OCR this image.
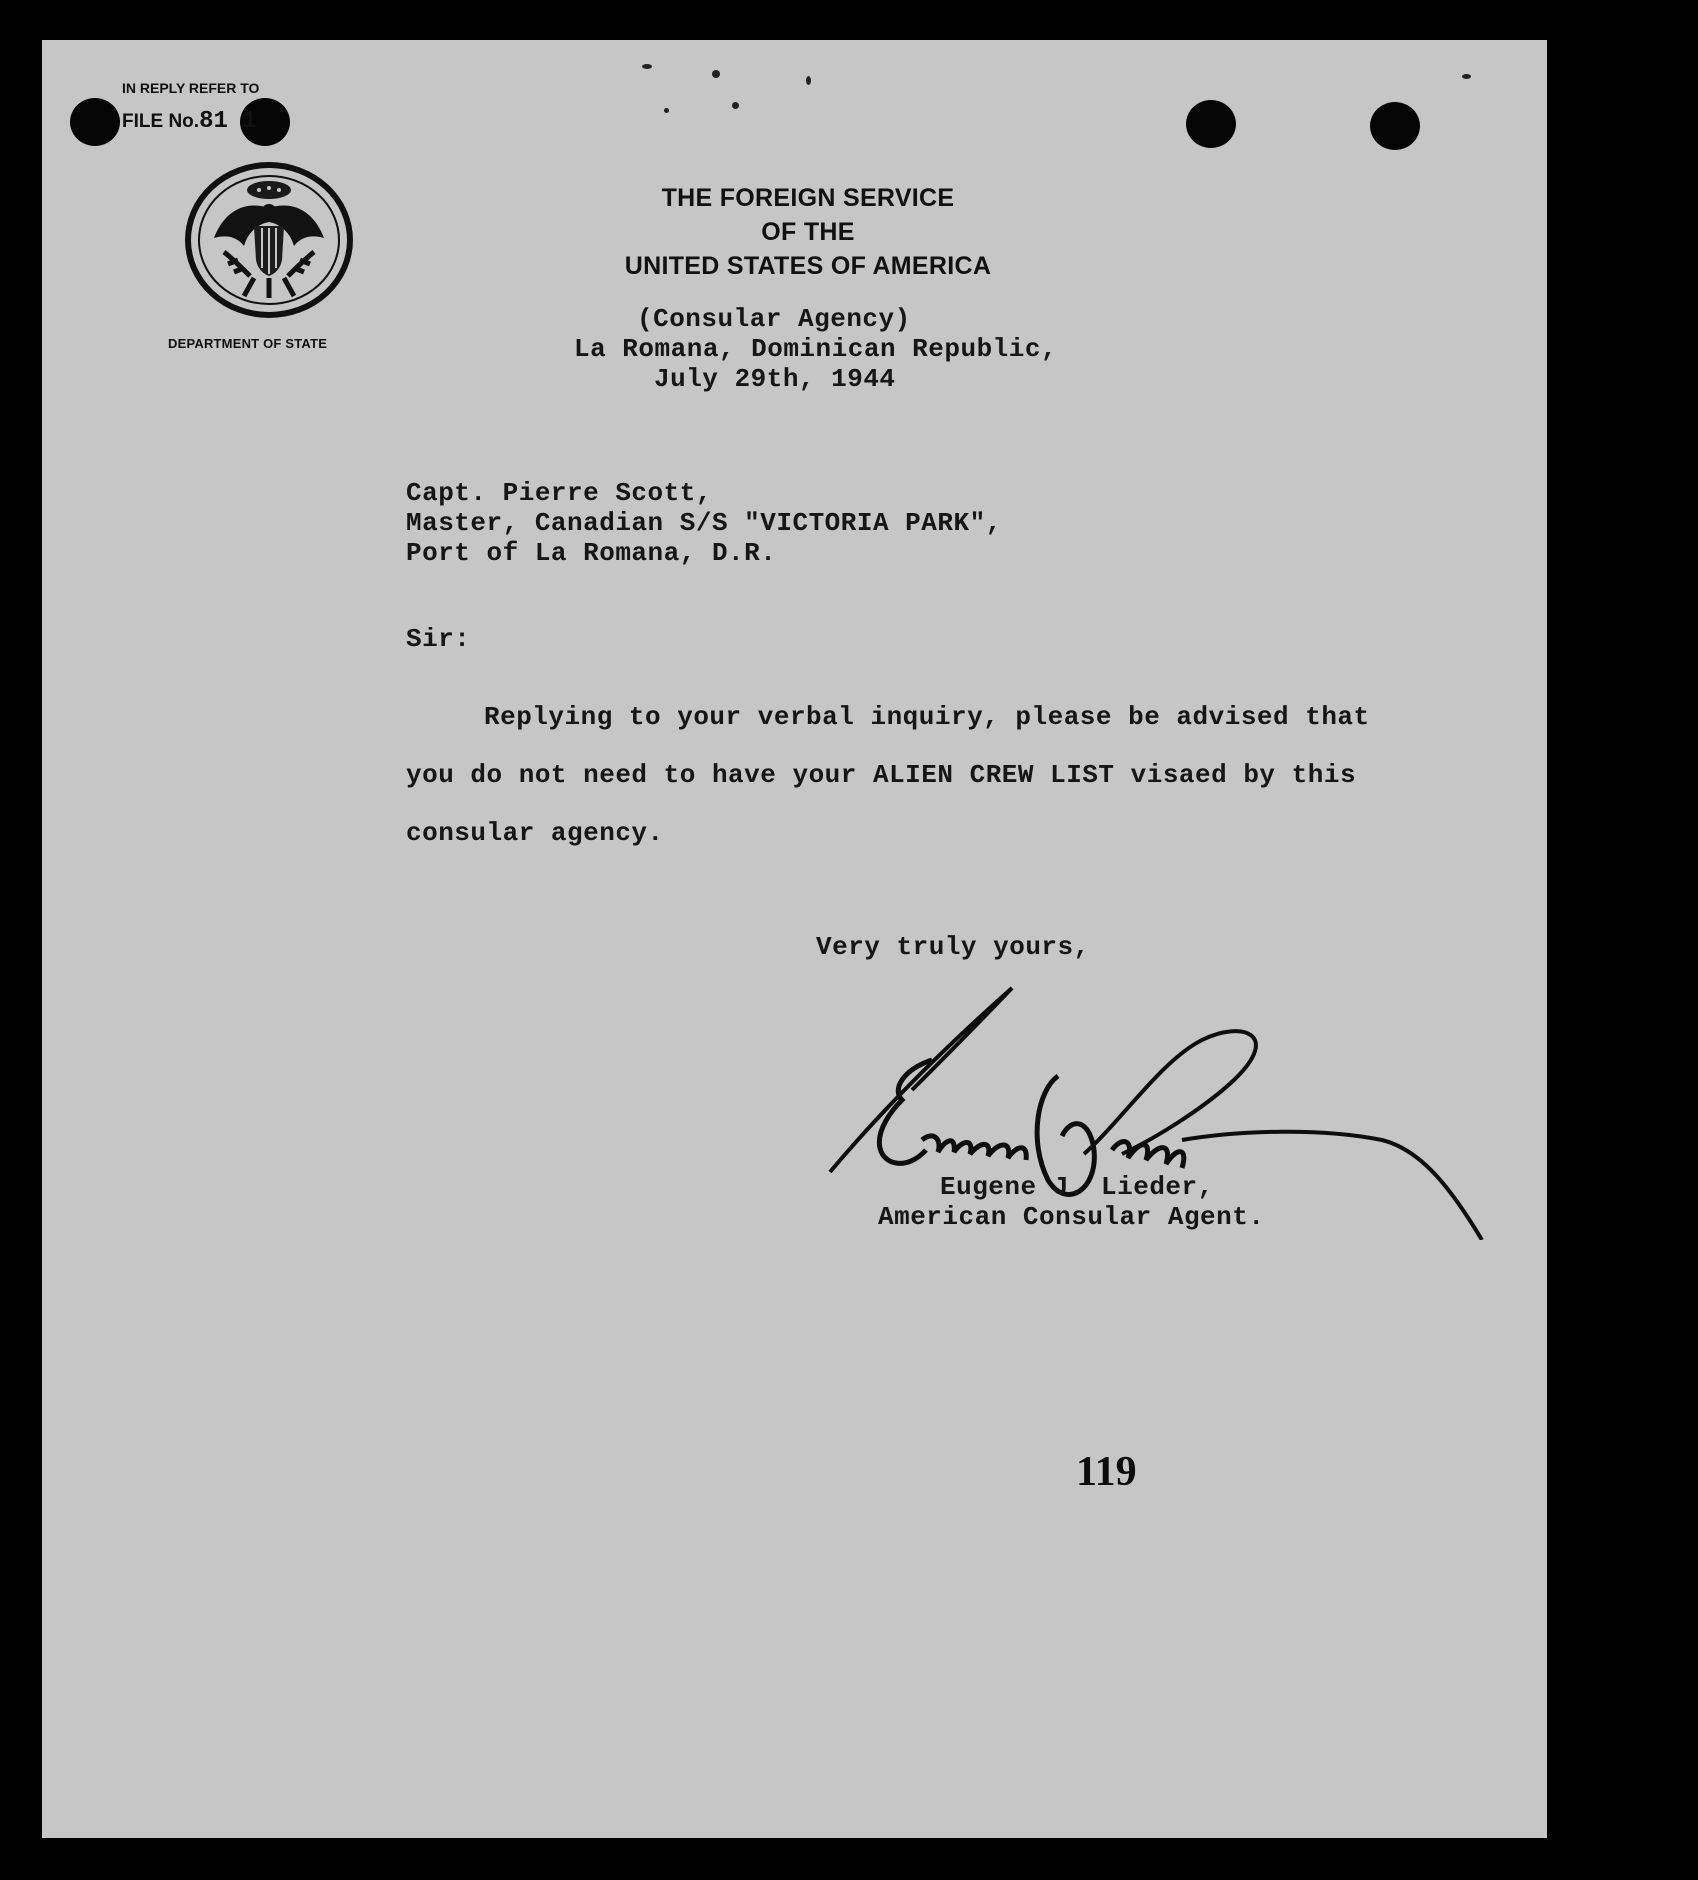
IN REPLY REFER TO
FILE No.81 1
DEPARTMENT OF STATE
THE FOREIGN SERVICE
OF THE
UNITED STATES OF AMERICA
(Consular Agency)
La Romana, Dominican Republic,
July 29th, 1944
Capt. Pierre Scott,
Master, Canadian S/S "VICTORIA PARK",
Port of La Romana, D.R.
Sir:
Replying to your verbal inquiry, please be advised that
you do not need to have your ALIEN CREW LIST visaed by this
consular agency.
Very truly yours,
Eugene J. Lieder,
American Consular Agent.
119
